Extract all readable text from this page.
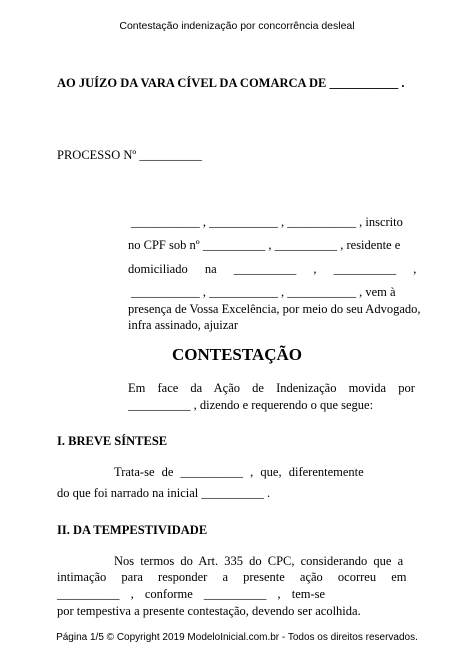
Contestação indenização por concorrência desleal
AO JUÍZO DA VARA CÍVEL DA COMARCA DE ___________ .
PROCESSO Nº __________
___________ , ___________ , ___________ , inscrito
no CPF sob nº __________ , __________ , residente e
domiciliado na __________ , __________ ,
___________ , ___________ , ___________ , vem à
presença de Vossa Excelência, por meio do seu Advogado,
infra assinado, ajuizar
CONTESTAÇÃO
Em face da Ação de Indenização movida por
__________ , dizendo e requerendo o que segue:
I. BREVE SÍNTESE
Trata-se de __________ , que, diferentemente
do que foi narrado na inicial __________ .
II. DA TEMPESTIVIDADE
Nos termos do Art. 335 do CPC, considerando que a
intimação para responder a presente ação ocorreu em
__________ , conforme __________ , tem-se
por tempestiva a presente contestação, devendo ser acolhida.
Página 1/5 © Copyright 2019 ModeloInicial.com.br - Todos os direitos reservados.
